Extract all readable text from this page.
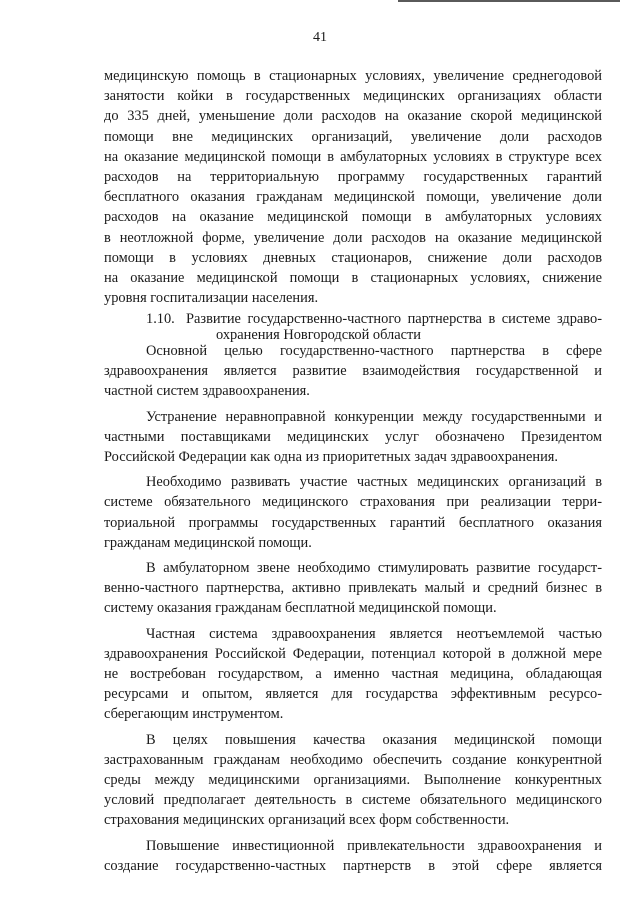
41
медицинскую помощь в стационарных условиях, увеличение среднегодовой
занятости койки в государственных медицинских организациях области
до 335 дней, уменьшение доли расходов на оказание скорой медицинской
помощи вне медицинских организаций, увеличение доли расходов
на оказание медицинской помощи в амбулаторных условиях в структуре всех
расходов на территориальную программу государственных гарантий
бесплатного оказания гражданам медицинской помощи, увеличение доли
расходов на оказание медицинской помощи в амбулаторных условиях
в неотложной форме, увеличение доли расходов на оказание медицинской
помощи в условиях дневных стационаров, снижение доли расходов
на оказание медицинской помощи в стационарных условиях, снижение
уровня госпитализации населения.
1.10. Развитие государственно-частного партнерства в системе здраво-
охранения Новгородской области
Основной целью государственно-частного партнерства в сфере
здравоохранения является развитие взаимодействия государственной и
частной систем здравоохранения.
Устранение неравноправной конкуренции между государственными и
частными поставщиками медицинских услуг обозначено Президентом
Российской Федерации как одна из приоритетных задач здравоохранения.
Необходимо развивать участие частных медицинских организаций в
системе обязательного медицинского страхования при реализации терри-
ториальной программы государственных гарантий бесплатного оказания
гражданам медицинской помощи.
В амбулаторном звене необходимо стимулировать развитие государст-
венно-частного партнерства, активно привлекать малый и средний бизнес в
систему оказания гражданам бесплатной медицинской помощи.
Частная система здравоохранения является неотъемлемой частью
здравоохранения Российской Федерации, потенциал которой в должной мере
не востребован государством, а именно частная медицина, обладающая
ресурсами и опытом, является для государства эффективным ресурсо-
сберегающим инструментом.
В целях повышения качества оказания медицинской помощи
застрахованным гражданам необходимо обеспечить создание конкурентной
среды между медицинскими организациями. Выполнение конкурентных
условий предполагает деятельность в системе обязательного медицинского
страхования медицинских организаций всех форм собственности.
Повышение инвестиционной привлекательности здравоохранения и
создание государственно-частных партнерств в этой сфере является
